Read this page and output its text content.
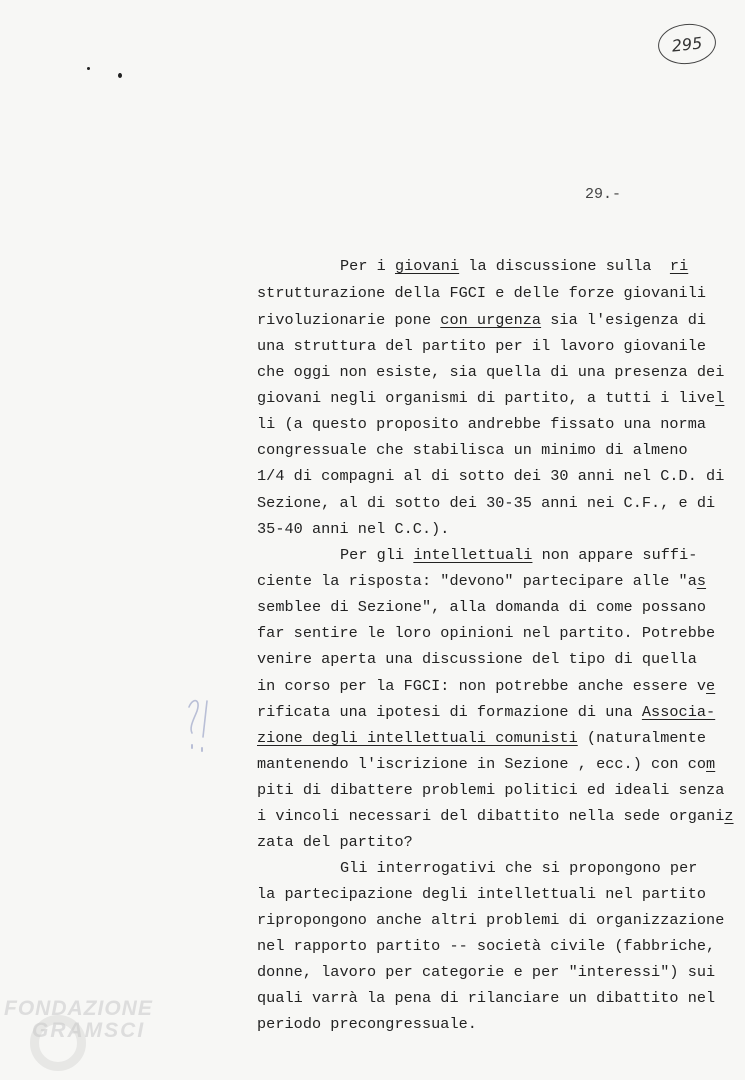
295
29.-
Per i giovani la discussione sulla  ri
strutturazione della FGCI e delle forze giovanili
rivoluzionarie pone con urgenza sia l'esigenza di
una struttura del partito per il lavoro giovanile
che oggi non esiste, sia quella di una presenza dei
giovani negli organismi di partito, a tutti i livel
li (a questo proposito andrebbe fissato una norma
congressuale che stabilisca un minimo di almeno
1/4 di compagni al di sotto dei 30 anni nel C.D. di
Sezione, al di sotto dei 30-35 anni nei C.F., e di
35-40 anni nel C.C.).
Per gli intellettuali non appare suffi-
ciente la risposta: "devono" partecipare alle "as
semblee di Sezione", alla domanda di come possano
far sentire le loro opinioni nel partito. Potrebbe
venire aperta una discussione del tipo di quella
in corso per la FGCI: non potrebbe anche essere ve
rificata una ipotesi di formazione di una Associa-
zione degli intellettuali comunisti (naturalmente
mantenendo l'iscrizione in Sezione , ecc.) con com
piti di dibattere problemi politici ed ideali senza
i vincoli necessari del dibattito nella sede organiz
zata del partito?
Gli interrogativi che si propongono per
la partecipazione degli intellettuali nel partito
ripropongono anche altri problemi di organizzazione
nel rapporto partito -- società civile (fabbriche,
donne, lavoro per categorie e per "interessi") sui
quali varrà la pena di rilanciare un dibattito nel
periodo precongressuale.
FONDAZIONE
GRAMSCI
